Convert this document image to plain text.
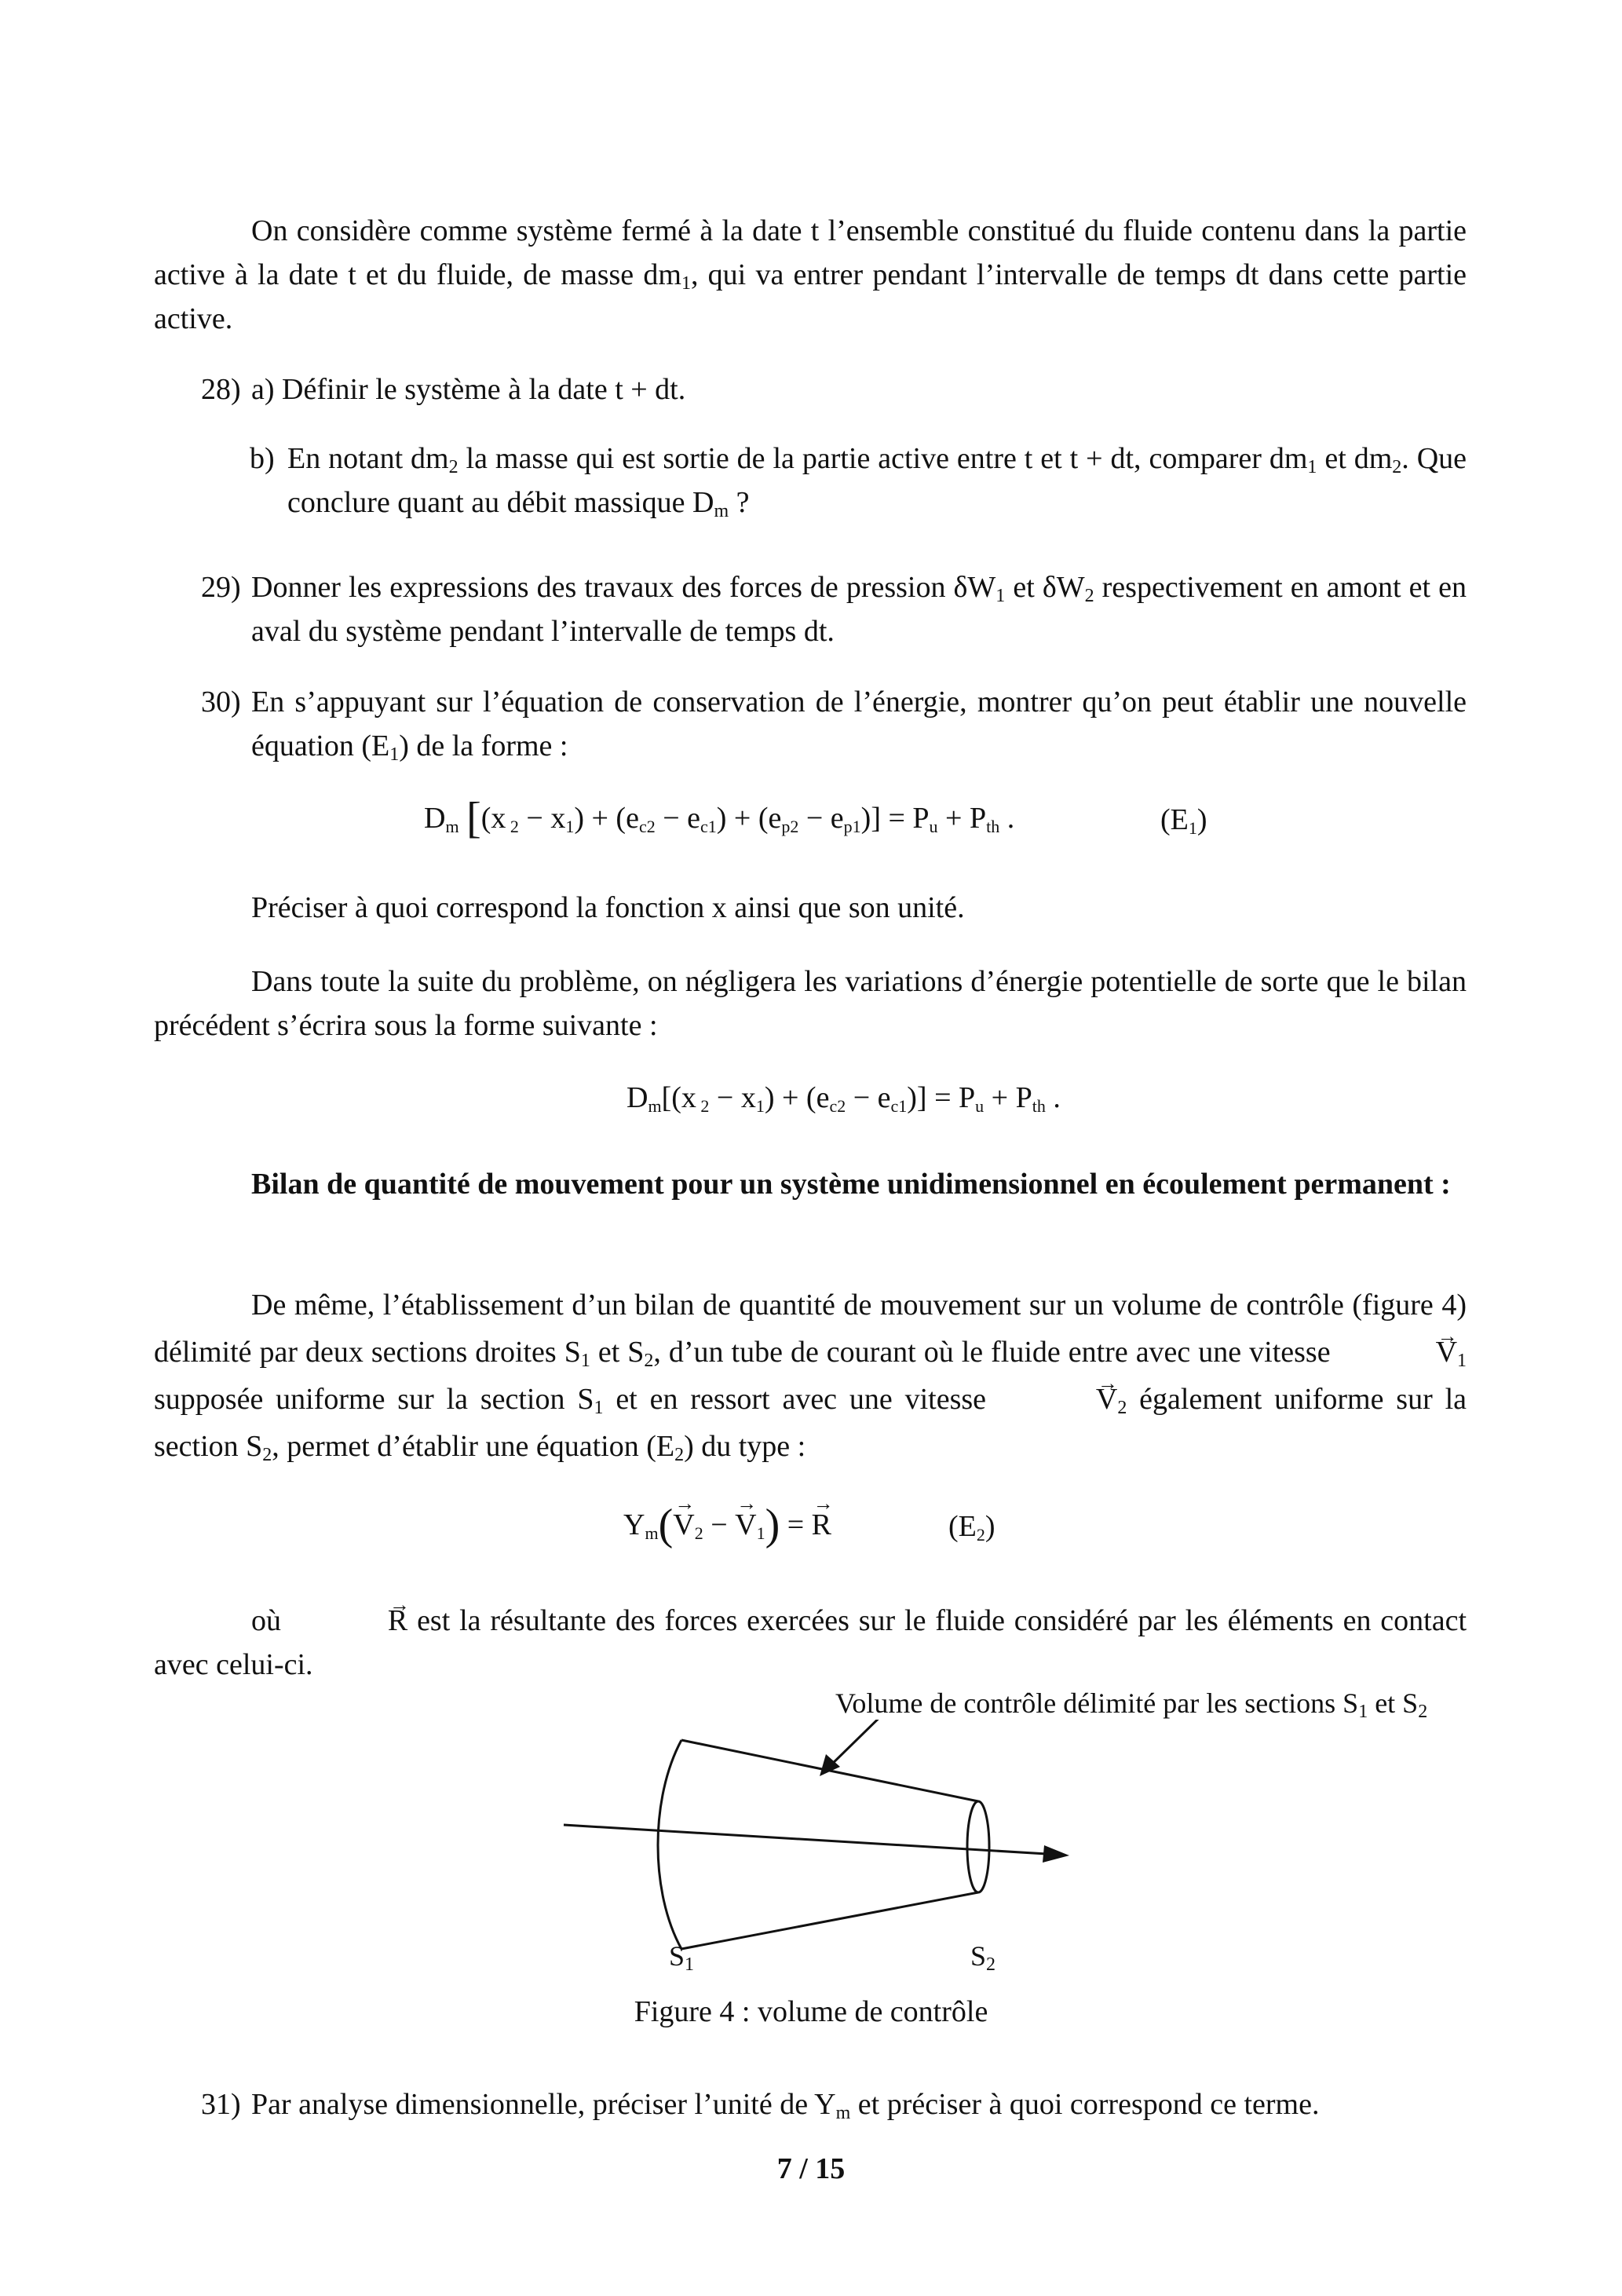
On considère comme système fermé à la date t l’ensemble constitué du fluide contenu dans la partie active à la date t et du fluide, de masse $dm_1$, qui va entrer pendant l’intervalle de temps dt dans cette partie active.

28) a) Définir le système à la date t + dt.
b) En notant $dm_2$ la masse qui est sortie de la partie active entre t et t + dt, comparer $dm_1$ et $dm_2$. Que conclure quant au débit massique $D_m$ ?
29) Donner les expressions des travaux des forces de pression $\delta W_1$ et $\delta W_2$ respectivement en amont et en aval du système pendant l’intervalle de temps dt.
30) En s’appuyant sur l’équation de conservation de l’énergie, montrer qu’on peut établir une nouvelle équation $(E_1)$ de la forme :
$D_m$ [(x $_2 - x_1) + (e_{c2} - e_{c1}) + (e_{p2} - e_{p1})] = P_u + P_{th}$ .	$(E_1)$

Préciser à quoi correspond la fonction x ainsi que son unité.

Dans toute la suite du problème, on négligera les variations d’énergie potentielle de sorte que le bilan précédent s’écrira sous la forme suivante :

$D_m[(x$ $_2 - x_1) + (e_{c2} - e_{c1})] = P_u + P_{th}$ .

Bilan de quantité de mouvement pour un système unidimensionnel en écoulement permanent :

De même, l’établissement d’un bilan de quantité de mouvement sur un volume de contrôle (figure 4) délimité par deux sections droites $S_1$ et $S_2$, d’un tube de courant où le fluide entre avec une vitesse	→ $V_1$ supposée uniforme sur la section $S_1$ et en ressort avec une vitesse	→ $V_2$ également uniforme sur la section $S_2$, permet d’établir une équation $(E_2)$ du type :

$Y_m(\to V_2$ − → $V_1$) = → R	$(E_2)$

où	→ R est la résultante des forces exercées sur le fluide considéré par les éléments en contact avec celui-ci.

Volume de contrôle délimité par les sections $S_1$ et $S_2$
$S_1$	$S_2$
Figure 4 : volume de contrôle
31) Par analyse dimensionnelle, préciser l’unité de $Y_m$ et préciser à quoi correspond ce terme.
7 / 15
